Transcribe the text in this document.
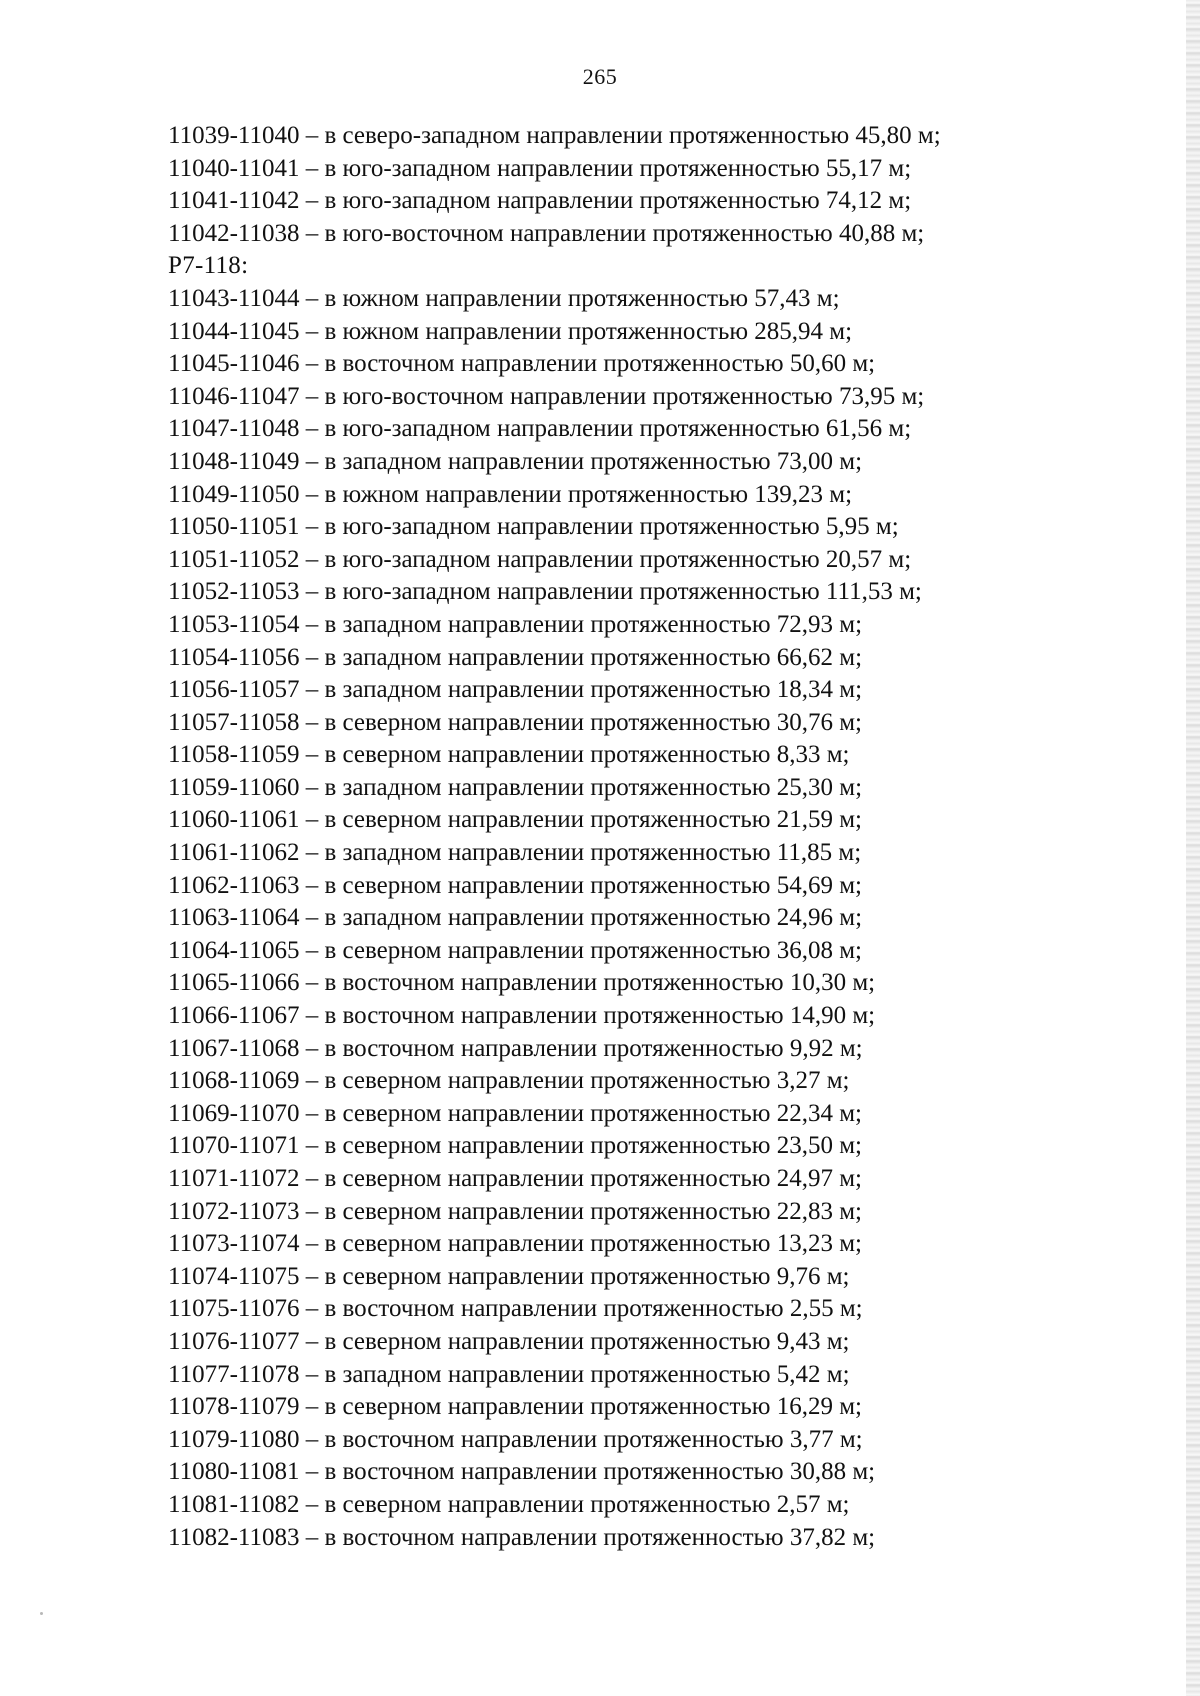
265
11039-11040 – в северо-западном направлении протяженностью 45,80 м;
11040-11041 – в юго-западном направлении протяженностью 55,17 м;
11041-11042 – в юго-западном направлении протяженностью 74,12 м;
11042-11038 – в юго-восточном направлении протяженностью 40,88 м;
Р7-118:
11043-11044 – в южном направлении протяженностью 57,43 м;
11044-11045 – в южном направлении протяженностью 285,94 м;
11045-11046 – в восточном направлении протяженностью 50,60 м;
11046-11047 – в юго-восточном направлении протяженностью 73,95 м;
11047-11048 – в юго-западном направлении протяженностью 61,56 м;
11048-11049 – в западном направлении протяженностью 73,00 м;
11049-11050 – в южном направлении протяженностью 139,23 м;
11050-11051 – в юго-западном направлении протяженностью 5,95 м;
11051-11052 – в юго-западном направлении протяженностью 20,57 м;
11052-11053 – в юго-западном направлении протяженностью 111,53 м;
11053-11054 – в западном направлении протяженностью 72,93 м;
11054-11056 – в западном направлении протяженностью 66,62 м;
11056-11057 – в западном направлении протяженностью 18,34 м;
11057-11058 – в северном направлении протяженностью 30,76 м;
11058-11059 – в северном направлении протяженностью 8,33 м;
11059-11060 – в западном направлении протяженностью 25,30 м;
11060-11061 – в северном направлении протяженностью 21,59 м;
11061-11062 – в западном направлении протяженностью 11,85 м;
11062-11063 – в северном направлении протяженностью 54,69 м;
11063-11064 – в западном направлении протяженностью 24,96 м;
11064-11065 – в северном направлении протяженностью 36,08 м;
11065-11066 – в восточном направлении протяженностью 10,30 м;
11066-11067 – в восточном направлении протяженностью 14,90 м;
11067-11068 – в восточном направлении протяженностью 9,92 м;
11068-11069 – в северном направлении протяженностью 3,27 м;
11069-11070 – в северном направлении протяженностью 22,34 м;
11070-11071 – в северном направлении протяженностью 23,50 м;
11071-11072 – в северном направлении протяженностью 24,97 м;
11072-11073 – в северном направлении протяженностью 22,83 м;
11073-11074 – в северном направлении протяженностью 13,23 м;
11074-11075 – в северном направлении протяженностью 9,76 м;
11075-11076 – в восточном направлении протяженностью 2,55 м;
11076-11077 – в северном направлении протяженностью 9,43 м;
11077-11078 – в западном направлении протяженностью 5,42 м;
11078-11079 – в северном направлении протяженностью 16,29 м;
11079-11080 – в восточном направлении протяженностью 3,77 м;
11080-11081 – в восточном направлении протяженностью 30,88 м;
11081-11082 – в северном направлении протяженностью 2,57 м;
11082-11083 – в восточном направлении протяженностью 37,82 м;
